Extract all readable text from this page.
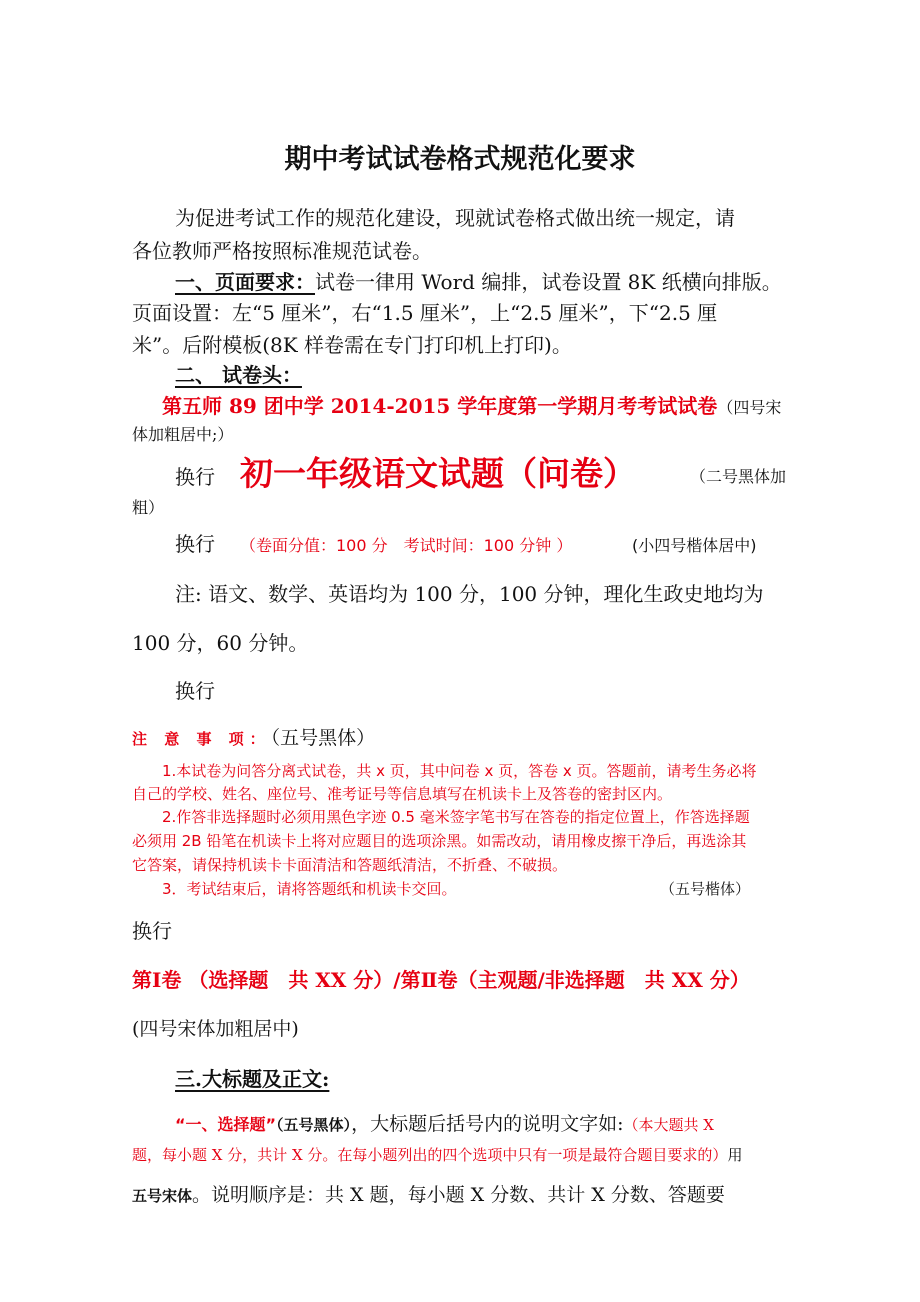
期中考试试卷格式规范化要求
为促进考试工作的规范化建设，现就试卷格式做出统一规定，请
各位教师严格按照标准规范试卷。
一、页面要求：试卷一律用 Word 编排，试卷设置 8K 纸横向排版。
页面设置：左“5 厘米”，右“1.5 厘米”，上“2.5 厘米”，下“2.5 厘
米”。后附模板(8K 样卷需在专门打印机上打印)。
二、 试卷头：
第五师 89 团中学 2014-2015 学年度第一学期月考考试试卷（四号宋
体加粗居中;）
换行 初一年级语文试题（问卷）	（二号黑体加
粗）
换行 （卷面分值：100 分　考试时间：100 分钟 ）	(小四号楷体居中)
注: 语文、数学、英语均为 100 分，100 分钟，理化生政史地均为
100 分，60 分钟。
换行
注 意 事 项：（五号黑体）
1.本试卷为问答分离式试卷，共 x 页，其中问卷 x 页，答卷 x 页。答题前，请考生务必将
自己的学校、姓名、座位号、准考证号等信息填写在机读卡上及答卷的密封区内。
2.作答非选择题时必须用黑色字迹 0.5 毫米签字笔书写在答卷的指定位置上，作答选择题
必须用 2B 铅笔在机读卡上将对应题目的选项涂黑。如需改动，请用橡皮擦干净后，再选涂其
它答案，请保持机读卡卡面清洁和答题纸清洁，不折叠、不破损。
3．考试结束后，请将答题纸和机读卡交回。	（五号楷体）
换行
第Ⅰ卷 （选择题　共 XX 分）/第Ⅱ卷（主观题/非选择题　共 XX 分）
(四号宋体加粗居中)
三.大标题及正文:
“一、选择题”（五号黑体），大标题后括号内的说明文字如:（本大题共 X
题，每小题 X 分，共计 X 分。在每小题列出的四个选项中只有一项是最符合题目要求的）用
五号宋体。说明顺序是：共 X 题，每小题 X 分数、共计 X 分数、答题要
